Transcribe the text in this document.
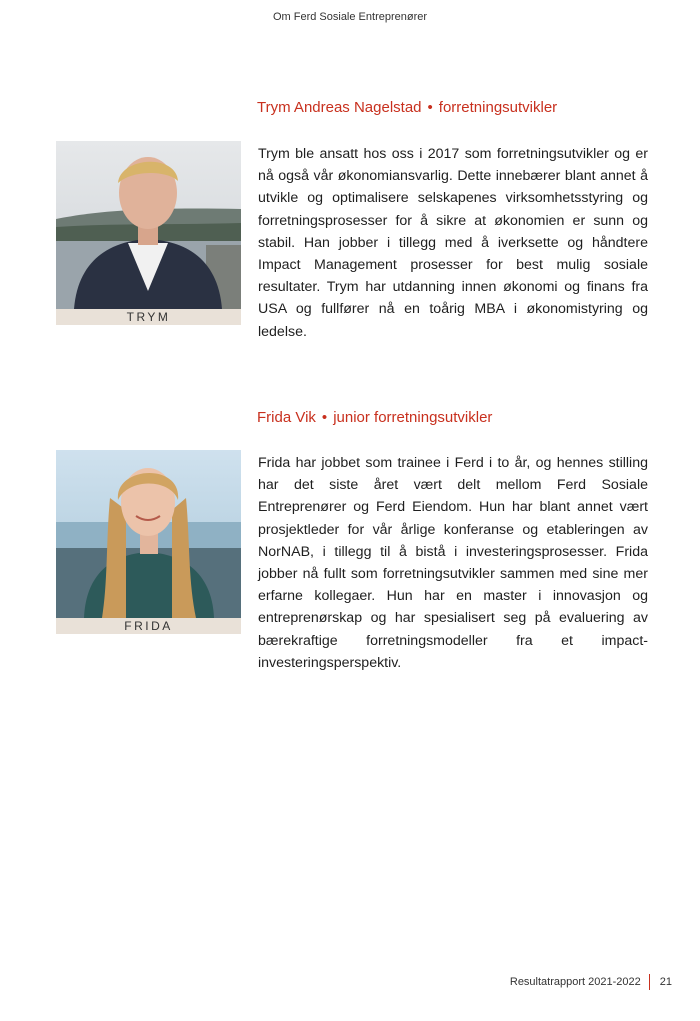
Om Ferd Sosiale Entreprenører
Trym Andreas Nagelstad • forretningsutvikler
TRYM
Trym ble ansatt hos oss i 2017 som forretningsutvikler og er nå også vår økonomiansvarlig. Dette innebærer blant annet å utvikle og optimalisere selskapenes virksomhetsstyring og forretningsprosesser for å sikre at økonomien er sunn og stabil. Han jobber i tillegg med å iverksette og håndtere Impact Management prosesser for best mulig sosiale resultater. Trym har utdanning innen økonomi og finans fra USA og fullfører nå en toårig MBA i økonomistyring og ledelse.
Frida Vik • junior forretningsutvikler
FRIDA
Frida har jobbet som trainee i Ferd i to år, og hennes stilling har det siste året vært delt mellom Ferd Sosiale Entreprenører og Ferd Eiendom. Hun har blant annet vært prosjektleder for vår årlige konferanse og etableringen av NorNAB, i tillegg til å bistå i investeringsprosesser. Frida jobber nå fullt som forretningsutvikler sammen med sine mer erfarne kollegaer. Hun har en master i innovasjon og entreprenørskap og har spesialisert seg på evaluering av bærekraftige forretningsmodeller fra et impact-investeringsperspektiv.
Resultatrapport 2021-2022 21
